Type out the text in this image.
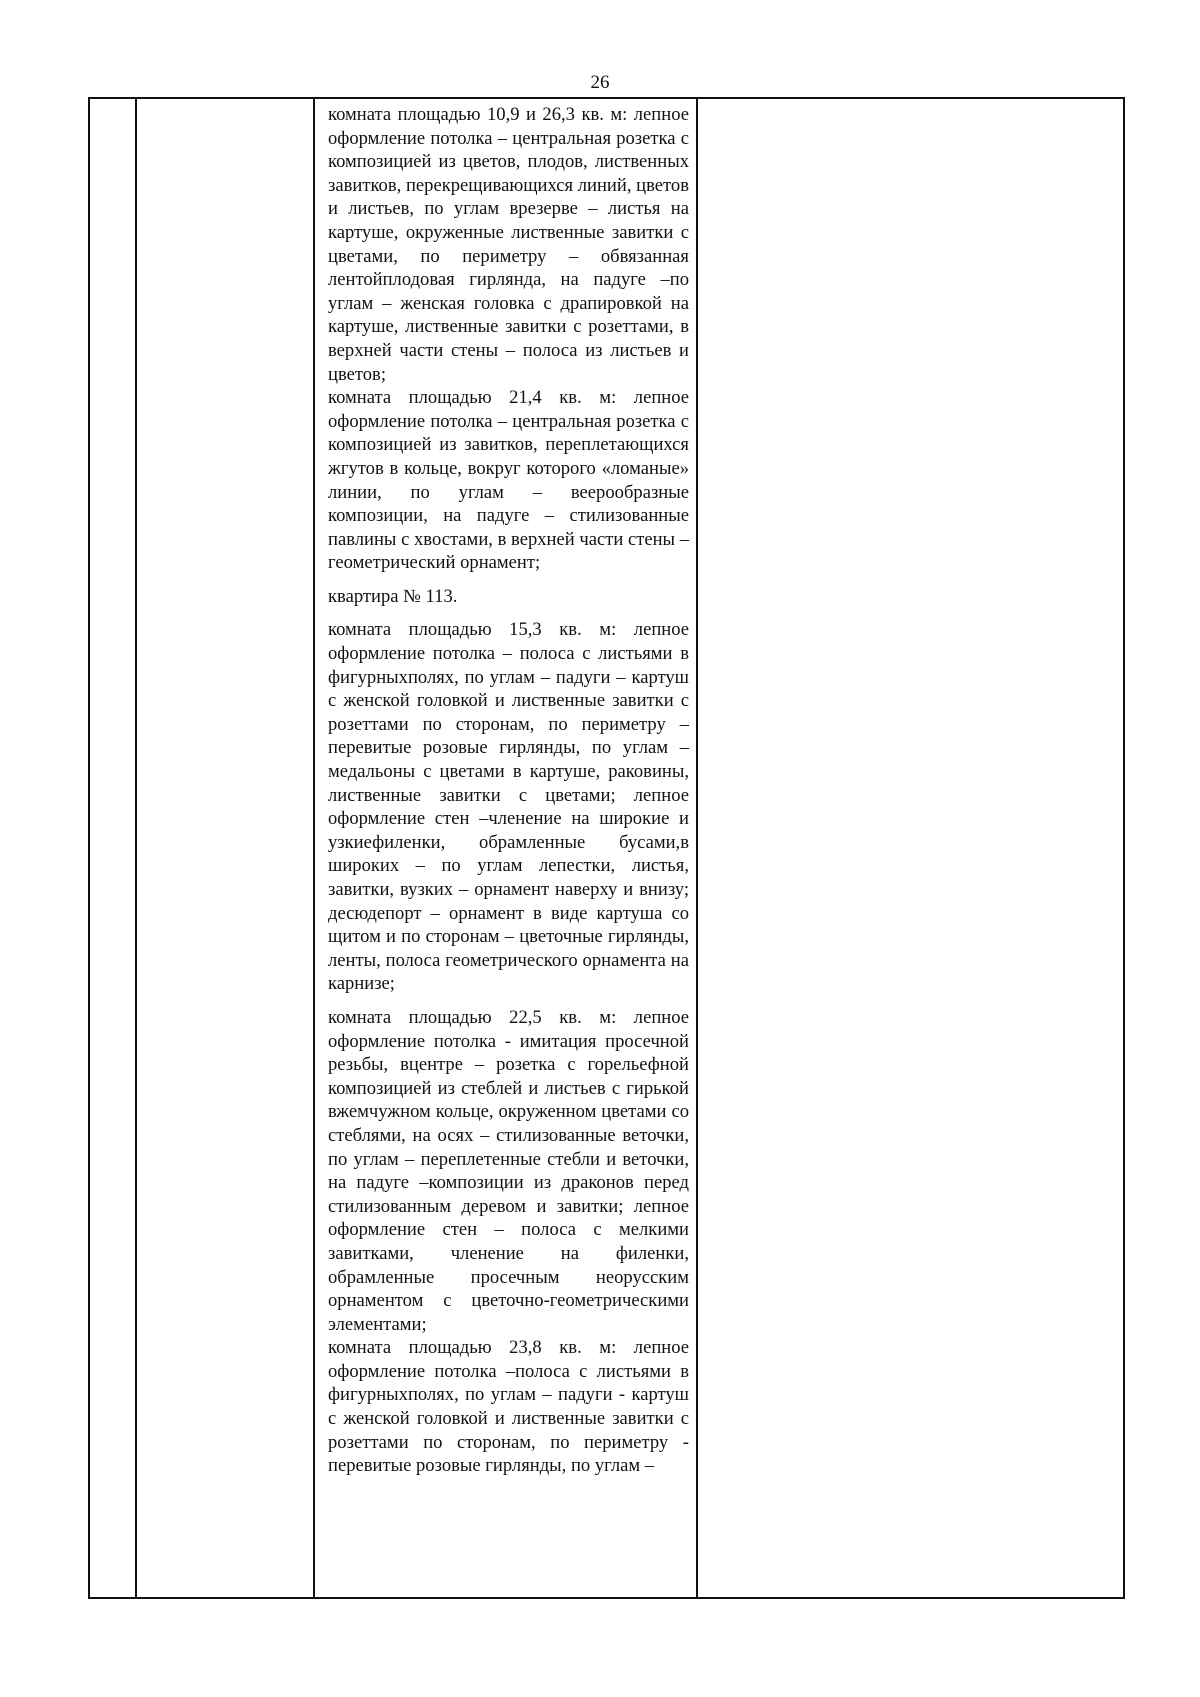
26

комната площадью 10,9 и 26,3 кв. м: лепное оформление потолка – центральная розетка с композицией из цветов, плодов, лиственных завитков, перекрещивающихся линий, цветов и листьев, по углам врезерве – листья на картуше, окруженные лиственные завитки с цветами, по периметру – обвязанная лентойплодовая гирлянда, на падуге –по углам – женская головка с драпировкой на картуше, лиственные завитки с розеттами, в верхней части стены – полоса из листьев и цветов;

комната площадью 21,4 кв. м: лепное оформление потолка – центральная розетка с композицией из завитков, переплетающихся жгутов в кольце, вокруг которого «ломаные» линии, по углам – веерообразные композиции, на падуге – стилизованные павлины с хвостами, в верхней части стены – геометрический орнамент;

квартира № 113.

комната площадью 15,3 кв. м: лепное оформление потолка – полоса с листьями в фигурныхполях, по углам – падуги – картуш с женской головкой и лиственные завитки с розеттами по сторонам, по периметру – перевитые розовые гирлянды, по углам – медальоны с цветами в картуше, раковины, лиственные завитки с цветами; лепное оформление стен –членение на широкие и узкиефиленки, обрамленные бусами,в широких – по углам лепестки, листья, завитки, вузких – орнамент наверху и внизу; десюдепорт – орнамент в виде картуша со щитом и по сторонам – цветочные гирлянды, ленты, полоса геометрического орнамента на карнизе;

комната площадью 22,5 кв. м: лепное оформление потолка - имитация просечной резьбы, вцентре – розетка с горельефной композицией из стеблей и листьев с гирькой вжемчужном кольце, окруженном цветами со стеблями, на осях – стилизованные веточки, по углам – переплетенные стебли и веточки, на падуге –композиции из драконов перед стилизованным деревом и завитки; лепное оформление стен – полоса с мелкими завитками, членение на филенки, обрамленные просечным неорусским орнаментом с цветочно-геометрическими элементами;

комната площадью 23,8 кв. м: лепное оформление потолка –полоса с листьями в фигурныхполях, по углам – падуги - картуш с женской головкой и лиственные завитки с розеттами по сторонам, по периметру - перевитые розовые гирлянды, по углам –
